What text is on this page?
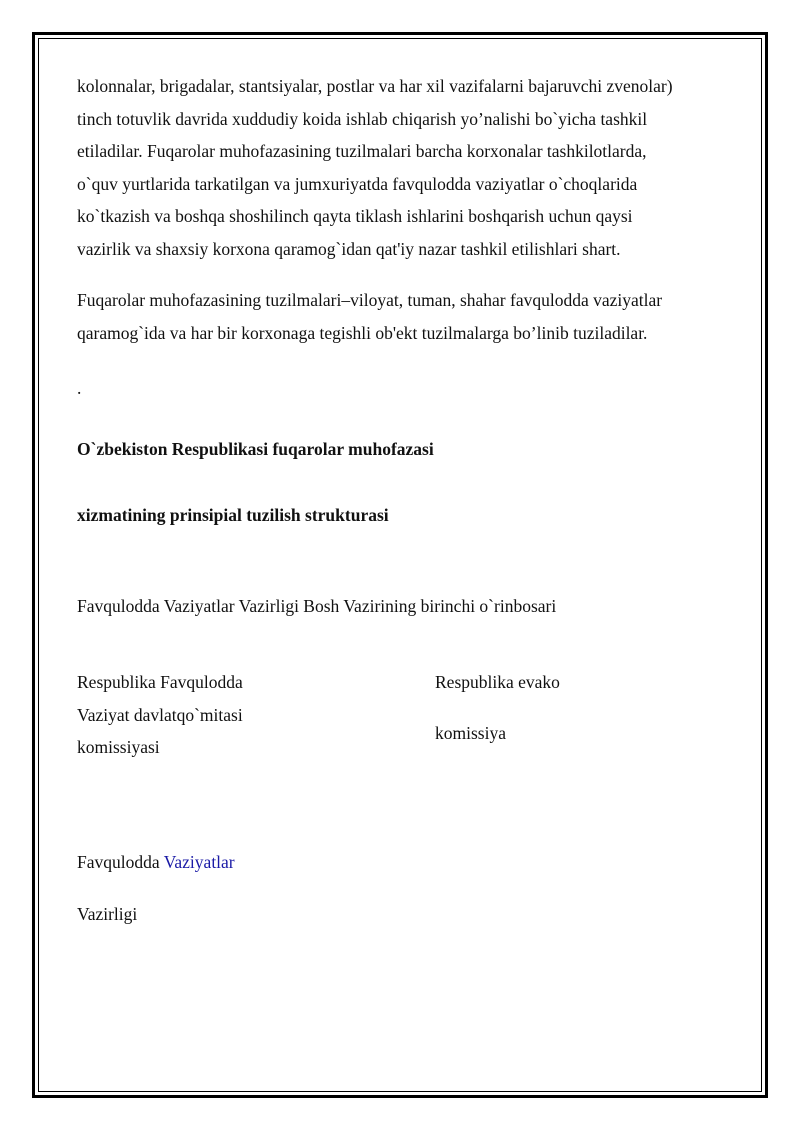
kolonnalar, brigadalar, stantsiyalar, postlar va har xil vazifalarni bajaruvchi zvenolar)
tinch totuvlik davrida xuddudiy koida ishlab chiqarish yo’nalishi bo`yicha tashkil
etiladilar. Fuqarolar muhofazasining tuzilmalari barcha korxonalar tashkilotlarda,
o`quv yurtlarida tarkatilgan va jumxuriyatda favqulodda vaziyatlar o`choqlarida
ko`tkazish va boshqa shoshilinch qayta tiklash ishlarini boshqarish uchun qaysi
vazirlik va shaxsiy korxona qaramog`idan qat'iy nazar tashkil etilishlari shart.
Fuqarolar muhofazasining tuzilmalari–viloyat, tuman, shahar favqulodda vaziyatlar
qaramog`ida va har bir korxonaga tegishli ob'ekt tuzilmalarga bo’linib tuziladilar.
.
O`zbekiston Respublikasi fuqarolar muhofazasi
xizmatining prinsipial tuzilish strukturasi
Favqulodda Vaziyatlar Vazirligi Bosh Vazirining birinchi o`rinbosari
Respublika Favqulodda
Vaziyat davlatqo`mitasi
komissiyasi
Respublika evako
komissiya
Favqulodda Vaziyatlar
Vazirligi
